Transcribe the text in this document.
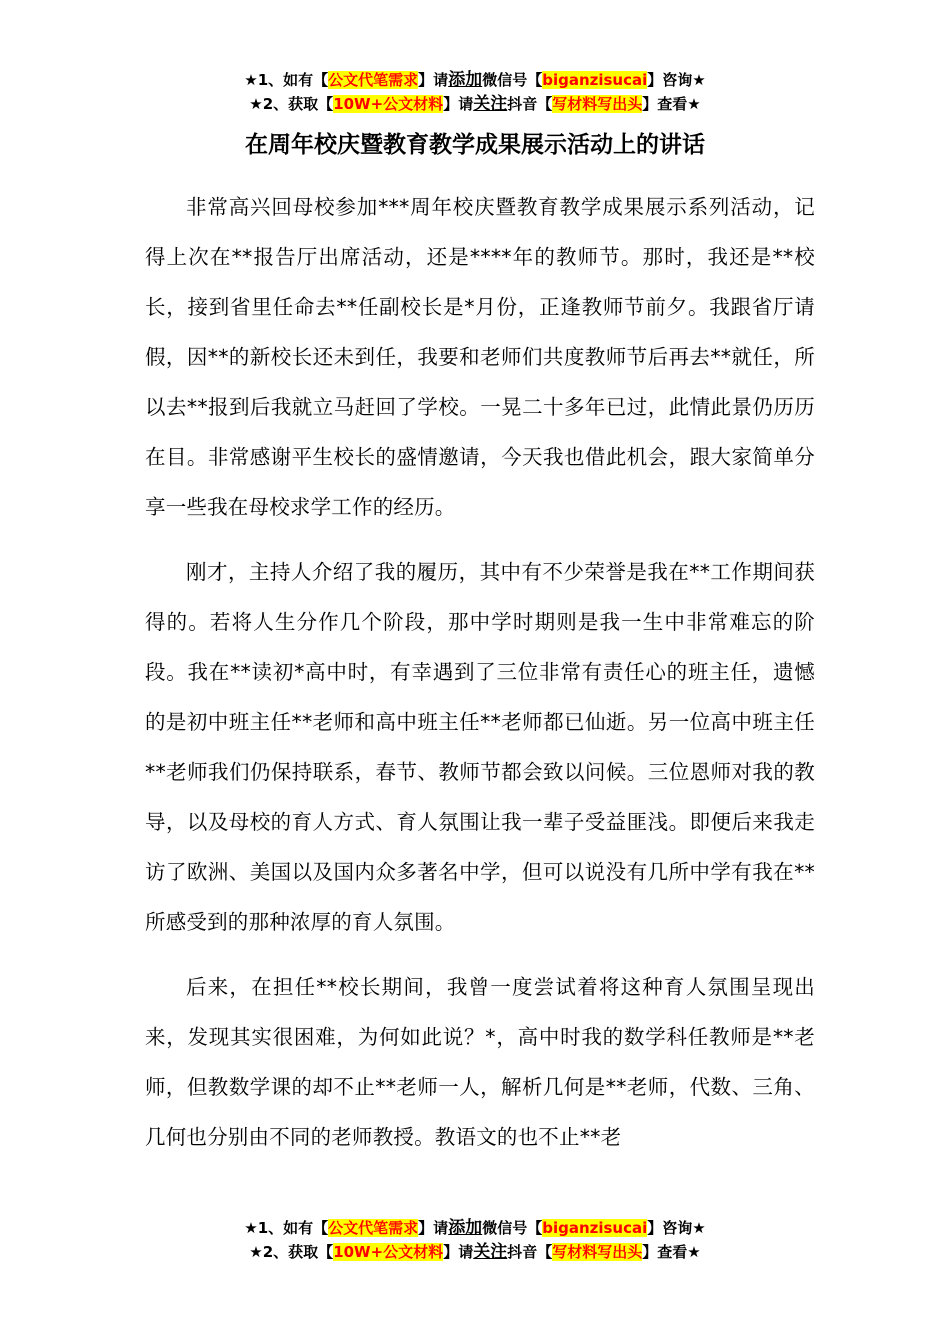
★1、如有【公文代笔需求】请添加微信号【biganzisucai】咨询★
★2、获取【10W+公文材料】请关注抖音【写材料写出头】查看★
在周年校庆暨教育教学成果展示活动上的讲话

非常高兴回母校参加***周年校庆暨教育教学成果展示系列活动，记得上次在**报告厅出席活动，还是****年的教师节。那时，我还是**校长，接到省里任命去**任副校长是*月份，正逢教师节前夕。我跟省厅请假，因**的新校长还未到任，我要和老师们共度教师节后再去**就任，所以去**报到后我就立马赶回了学校。一晃二十多年已过，此情此景仍历历在目。非常感谢平生校长的盛情邀请，今天我也借此机会，跟大家简单分享一些我在母校求学工作的经历。

刚才，主持人介绍了我的履历，其中有不少荣誉是我在**工作期间获得的。若将人生分作几个阶段，那中学时期则是我一生中非常难忘的阶段。我在**读初*高中时，有幸遇到了三位非常有责任心的班主任，遗憾的是初中班主任**老师和高中班主任**老师都已仙逝。另一位高中班主任**老师我们仍保持联系，春节、教师节都会致以问候。三位恩师对我的教导，以及母校的育人方式、育人氛围让我一辈子受益匪浅。即便后来我走访了欧洲、美国以及国内众多著名中学，但可以说没有几所中学有我在**所感受到的那种浓厚的育人氛围。

后来，在担任**校长期间，我曾一度尝试着将这种育人氛围呈现出来，发现其实很困难，为何如此说？*，高中时我的数学科任教师是**老师，但教数学课的却不止**老师一人，解析几何是**老师，代数、三角、几何也分别由不同的老师教授。教语文的也不止**老

★1、如有【公文代笔需求】请添加微信号【biganzisucai】咨询★
★2、获取【10W+公文材料】请关注抖音【写材料写出头】查看★
